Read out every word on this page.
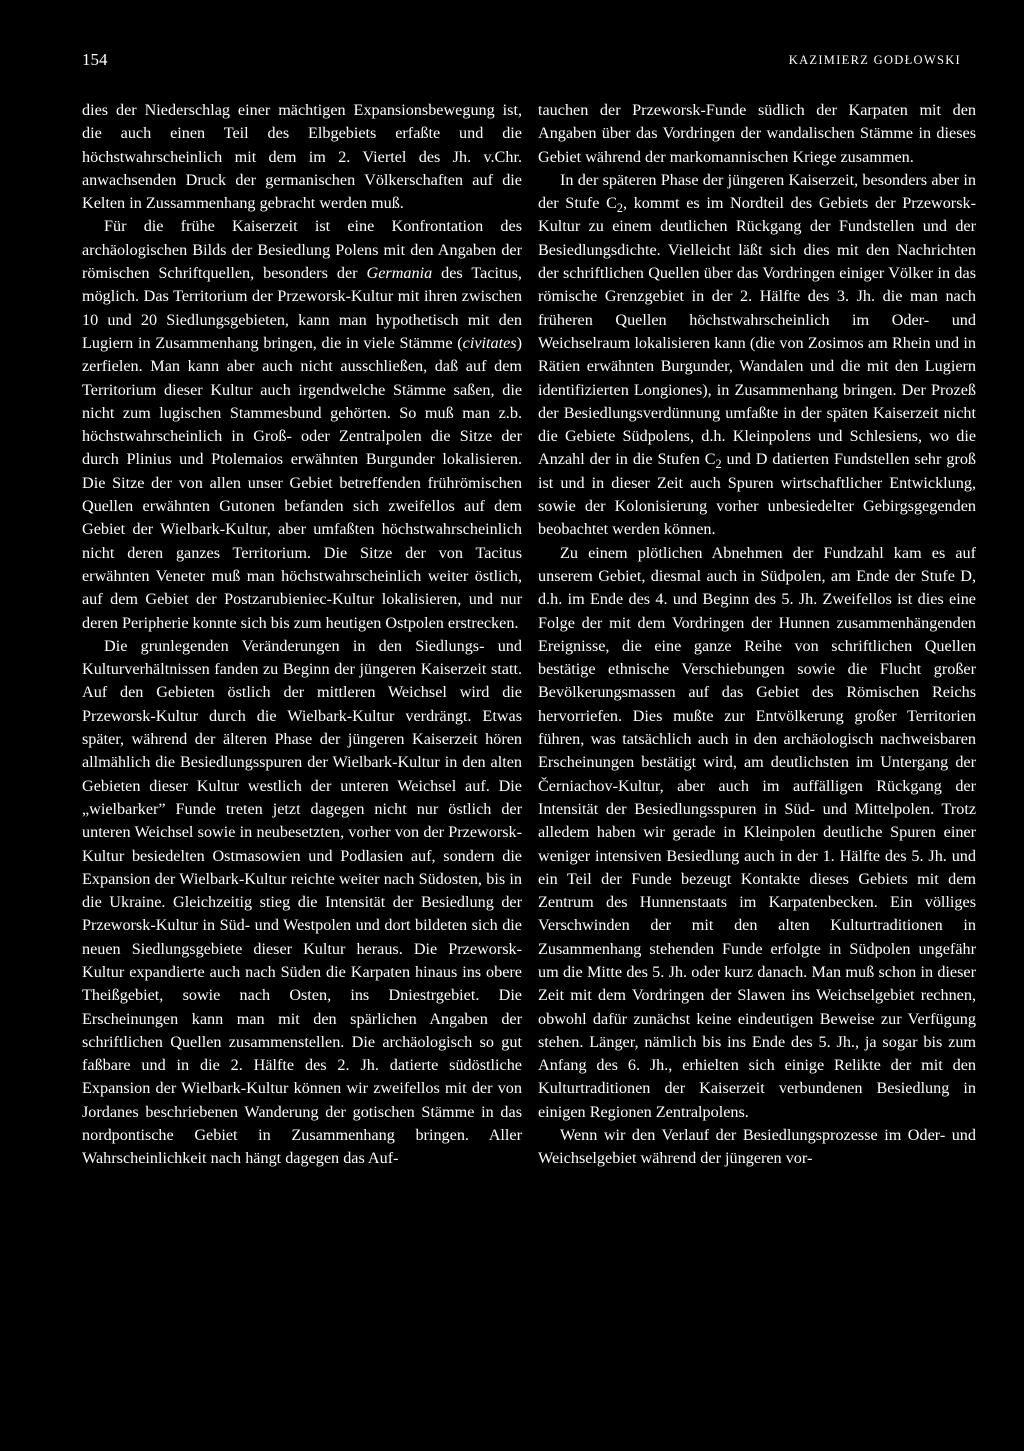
154	KAZIMIERZ GODŁOWSKI

dies der Niederschlag einer mächtigen Expansionsbewegung ist, die auch einen Teil des Elbgebiets erfaßte und die höchstwahrscheinlich mit dem im 2. Viertel des Jh. v.Chr. anwachsenden Druck der germanischen Völkerschaften auf die Kelten in Zussammenhang gebracht werden muß.

Für die frühe Kaiserzeit ist eine Konfrontation des archäologischen Bilds der Besiedlung Polens mit den Angaben der römischen Schriftquellen, besonders der Germania des Tacitus, möglich. Das Territorium der Przeworsk-Kultur mit ihren zwischen 10 und 20 Siedlungsgebieten, kann man hypothetisch mit den Lugiern in Zusammenhang bringen, die in viele Stämme (civitates) zerfielen. Man kann aber auch nicht ausschließen, daß auf dem Territorium dieser Kultur auch irgendwelche Stämme saßen, die nicht zum lugischen Stammesbund gehörten. So muß man z.b. höchstwahrscheinlich in Groß- oder Zentralpolen die Sitze der durch Plinius und Ptolemaios erwähnten Burgunder lokalisieren. Die Sitze der von allen unser Gebiet betreffenden frührömischen Quellen erwähnten Gutonen befanden sich zweifellos auf dem Gebiet der Wielbark-Kultur, aber umfaßten höchstwahrscheinlich nicht deren ganzes Territorium. Die Sitze der von Tacitus erwähnten Veneter muß man höchstwahrscheinlich weiter östlich, auf dem Gebiet der Postzarubieniec-Kultur lokalisieren, und nur deren Peripherie konnte sich bis zum heutigen Ostpolen erstrecken.

Die grunlegenden Veränderungen in den Siedlungs- und Kulturverhältnissen fanden zu Beginn der jüngeren Kaiserzeit statt. Auf den Gebieten östlich der mittleren Weichsel wird die Przeworsk-Kultur durch die Wielbark-Kultur verdrängt. Etwas später, während der älteren Phase der jüngeren Kaiserzeit hören allmählich die Besiedlungsspuren der Wielbark-Kultur in den alten Gebieten dieser Kultur westlich der unteren Weichsel auf. Die „wielbarker” Funde treten jetzt dagegen nicht nur östlich der unteren Weichsel sowie in neubesetzten, vorher von der Przeworsk-Kultur besiedelten Ostmasowien und Podlasien auf, sondern die Expansion der Wielbark-Kultur reichte weiter nach Südosten, bis in die Ukraine. Gleichzeitig stieg die Intensität der Besiedlung der Przeworsk-Kultur in Süd- und Westpolen und dort bildeten sich die neuen Siedlungsgebiete dieser Kultur heraus. Die Przeworsk-Kultur expandierte auch nach Süden die Karpaten hinaus ins obere Theißgebiet, sowie nach Osten, ins Dniestrgebiet. Die Erscheinungen kann man mit den spärlichen Angaben der schriftlichen Quellen zusammenstellen. Die archäologisch so gut faßbare und in die 2. Hälfte des 2. Jh. datierte südöstliche Expansion der Wielbark-Kultur können wir zweifellos mit der von Jordanes beschriebenen Wanderung der gotischen Stämme in das nordpontische Gebiet in Zusammenhang bringen. Aller Wahrscheinlichkeit nach hängt dagegen das Auf-

tauchen der Przeworsk-Funde südlich der Karpaten mit den Angaben über das Vordringen der wandalischen Stämme in dieses Gebiet während der markomannischen Kriege zusammen.

In der späteren Phase der jüngeren Kaiserzeit, besonders aber in der Stufe $C_2$, kommt es im Nordteil des Gebiets der Przeworsk-Kultur zu einem deutlichen Rückgang der Fundstellen und der Besiedlungsdichte. Vielleicht läßt sich dies mit den Nachrichten der schriftlichen Quellen über das Vordringen einiger Völker in das römische Grenzgebiet in der 2. Hälfte des 3. Jh. die man nach früheren Quellen höchstwahrscheinlich im Oder- und Weichselraum lokalisieren kann (die von Zosimos am Rhein und in Rätien erwähnten Burgunder, Wandalen und die mit den Lugiern identifizierten Longiones), in Zusammenhang bringen. Der Prozeß der Besiedlungsverdünnung umfaßte in der späten Kaiserzeit nicht die Gebiete Südpolens, d.h. Kleinpolens und Schlesiens, wo die Anzahl der in die Stufen $C_2$ und D datierten Fundstellen sehr groß ist und in dieser Zeit auch Spuren wirtschaftlicher Entwicklung, sowie der Kolonisierung vorher unbesiedelter Gebirgsgegenden beobachtet werden können.

Zu einem plötlichen Abnehmen der Fundzahl kam es auf unserem Gebiet, diesmal auch in Südpolen, am Ende der Stufe D, d.h. im Ende des 4. und Beginn des 5. Jh. Zweifellos ist dies eine Folge der mit dem Vordringen der Hunnen zusammenhängenden Ereignisse, die eine ganze Reihe von schriftlichen Quellen bestätige ethnische Verschiebungen sowie die Flucht großer Bevölkerungsmassen auf das Gebiet des Römischen Reichs hervorriefen. Dies mußte zur Entvölkerung großer Territorien führen, was tatsächlich auch in den archäologisch nachweisbaren Erscheinungen bestätigt wird, am deutlichsten im Untergang der Černiachov-Kultur, aber auch im auffälligen Rückgang der Intensität der Besiedlungsspuren in Süd- und Mittelpolen. Trotz alledem haben wir gerade in Kleinpolen deutliche Spuren einer weniger intensiven Besiedlung auch in der 1. Hälfte des 5. Jh. und ein Teil der Funde bezeugt Kontakte dieses Gebiets mit dem Zentrum des Hunnenstaats im Karpatenbecken. Ein völliges Verschwinden der mit den alten Kulturtraditionen in Zusammenhang stehenden Funde erfolgte in Südpolen ungefähr um die Mitte des 5. Jh. oder kurz danach. Man muß schon in dieser Zeit mit dem Vordringen der Slawen ins Weichselgebiet rechnen, obwohl dafür zunächst keine eindeutigen Beweise zur Verfügung stehen. Länger, nämlich bis ins Ende des 5. Jh., ja sogar bis zum Anfang des 6. Jh., erhielten sich einige Relikte der mit den Kulturtraditionen der Kaiserzeit verbundenen Besiedlung in einigen Regionen Zentralpolens.

Wenn wir den Verlauf der Besiedlungsprozesse im Oder- und Weichselgebiet während der jüngeren vor-
